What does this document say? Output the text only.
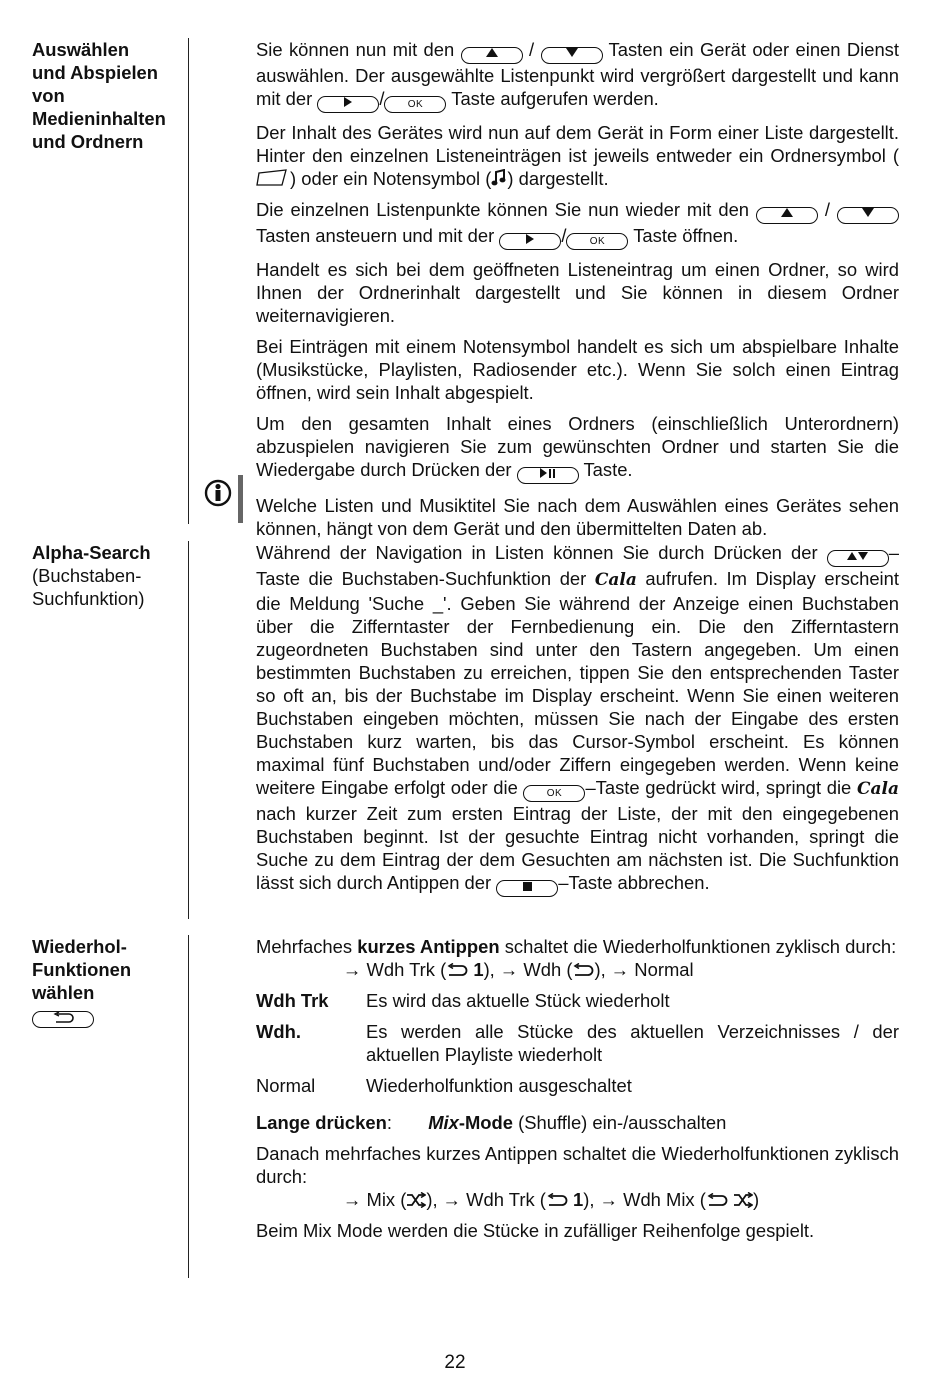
Auswählen
und Abspielen
von
Medieninhalten
und Ordnern

Sie können nun mit den	/	Tasten ein Gerät oder einen Dienst auswählen. Der ausgewählte Listenpunkt wird vergrößert dargestellt und kann mit der	/ OK Taste aufgerufen werden.

Der Inhalt des Gerätes wird nun auf dem Gerät in Form einer Liste dargestellt. Hinter den einzelnen Listeneinträgen ist jeweils entweder ein Ordnersymbol () oder ein Notensymbol ( ) dargestellt.

Die einzelnen Listenpunkte können Sie nun wieder mit den	/  Tasten ansteuern und mit der	/ OK Taste öffnen.

Handelt es sich bei dem geöffneten Listeneintrag um einen Ordner, so wird Ihnen der Ordnerinhalt dargestellt und Sie können in diesem Ordner weiternavigieren.

Bei Einträgen mit einem Notensymbol handelt es sich um abspielbare Inhalte (Musikstücke, Playlisten, Radiosender etc.). Wenn Sie solch einen Eintrag öffnen, wird sein Inhalt abgespielt.

Um den gesamten Inhalt eines Ordners (einschließlich Unterordnern) abzuspielen navigieren Sie zum gewünschten Ordner und starten Sie die Wiedergabe durch Drücken der	Taste.

Welche Listen und Musiktitel Sie nach dem Auswählen eines Gerätes sehen können, hängt von dem Gerät und den übermittelten Daten ab.

Alpha-Search
(Buchstaben-
Suchfunktion)

Während der Navigation in Listen können Sie durch Drücken der	–Taste die Buchstaben-Suchfunktion der Cala aufrufen. Im Display erscheint die Meldung 'Suche _'. Geben Sie während der Anzeige einen Buchstaben über die Zifferntaster der Fernbedienung ein. Die den Zifferntastern zugeordneten Buchstaben sind unter den Tastern angegeben. Um einen bestimmten Buchstaben zu erreichen, tippen Sie den entsprechenden Taster so oft an, bis der Buchstabe im Display erscheint. Wenn Sie einen weiteren Buchstaben eingeben möchten, müssen Sie nach der Eingabe des ersten Buchstaben kurz warten, bis das Cursor-Symbol erscheint. Es können maximal fünf Buchstaben und/oder Ziffern eingegeben werden. Wenn keine weitere Eingabe erfolgt oder die	OK –Taste gedrückt wird, springt die Cala nach kurzer Zeit zum ersten Eintrag der Liste, der mit den eingegebenen Buchstaben beginnt. Ist der gesuchte Eintrag nicht vorhanden, springt die Suche zu dem Eintrag der dem Gesuchten am nächsten ist. Die Suchfunktion lässt sich durch Antippen der	–Taste abbrechen.

Wiederhol-
Funktionen
wählen

Mehrfaches kurzes Antippen schaltet die Wiederholfunktionen zyklisch durch:

→ Wdh Trk ( 1), → Wdh ( ), → Normal
Wdh Trk	Es wird das aktuelle Stück wiederholt
Wdh.	Es werden alle Stücke des aktuellen Verzeichnisses / der aktuellen Playliste wiederholt
Normal	Wiederholfunktion ausgeschaltet

Lange drücken: Mix-Mode (Shuffle) ein-/ausschalten

Danach mehrfaches kurzes Antippen schaltet die Wiederholfunktionen zyklisch durch:

→ Mix ( ), → Wdh Trk ( 1), → Wdh Mix (	)

Beim Mix Mode werden die Stücke in zufälliger Reihenfolge gespielt.

22
